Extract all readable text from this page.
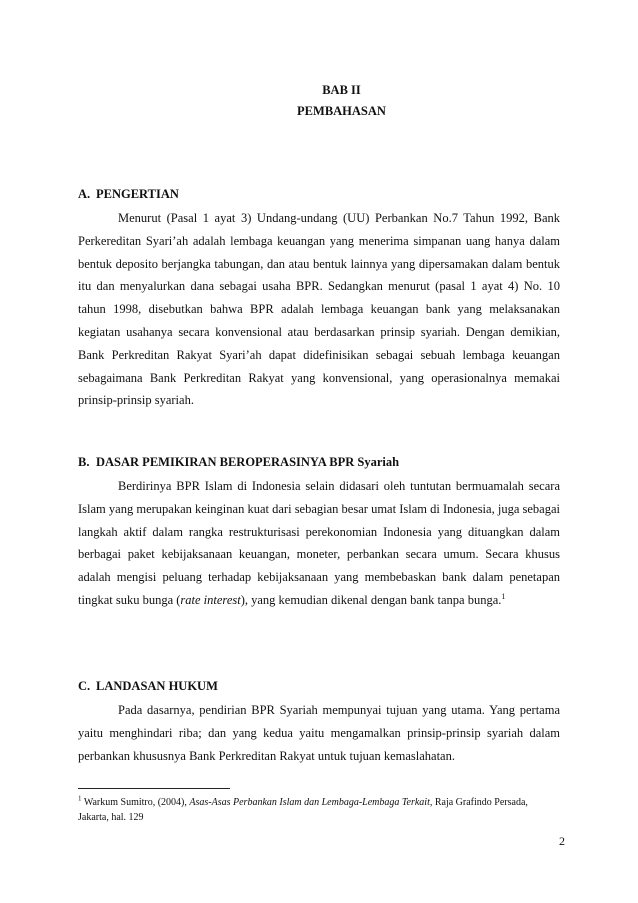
BAB II
PEMBAHASAN
A. PENGERTIAN

Menurut (Pasal 1 ayat 3) Undang-undang (UU) Perbankan No.7 Tahun 1992, Bank Perkereditan Syari’ah adalah lembaga keuangan yang menerima simpanan uang hanya dalam bentuk deposito berjangka tabungan, dan atau bentuk lainnya yang dipersamakan dalam bentuk itu dan menyalurkan dana sebagai usaha BPR. Sedangkan menurut (pasal 1 ayat 4) No. 10 tahun 1998, disebutkan bahwa BPR adalah lembaga keuangan bank yang melaksanakan kegiatan usahanya secara konvensional atau berdasarkan prinsip syariah. Dengan demikian, Bank Perkreditan Rakyat Syari’ah dapat didefinisikan sebagai sebuah lembaga keuangan sebagaimana Bank Perkreditan Rakyat yang konvensional, yang operasionalnya memakai prinsip-prinsip syariah.

B. DASAR PEMIKIRAN BEROPERASINYA BPR Syariah

Berdirinya BPR Islam di Indonesia selain didasari oleh tuntutan bermuamalah secara Islam yang merupakan keinginan kuat dari sebagian besar umat Islam di Indonesia, juga sebagai langkah aktif dalam rangka restrukturisasi perekonomian Indonesia yang dituangkan dalam berbagai paket kebijaksanaan keuangan, moneter, perbankan secara umum. Secara khusus adalah mengisi peluang terhadap kebijaksanaan yang membebaskan bank dalam penetapan tingkat suku bunga (rate interest), yang kemudian dikenal dengan bank tanpa bunga.$^1$

C. LANDASAN HUKUM

Pada dasarnya, pendirian BPR Syariah mempunyai tujuan yang utama. Yang pertama yaitu menghindari riba; dan yang kedua yaitu mengamalkan prinsip-prinsip syariah dalam perbankan khususnya Bank Perkreditan Rakyat untuk tujuan kemaslahatan.

$^1$ Warkum Sumitro, (2004), Asas-Asas Perbankan Islam dan Lembaga-Lembaga Terkait, Raja Grafindo Persada, Jakarta, hal. 129
2
